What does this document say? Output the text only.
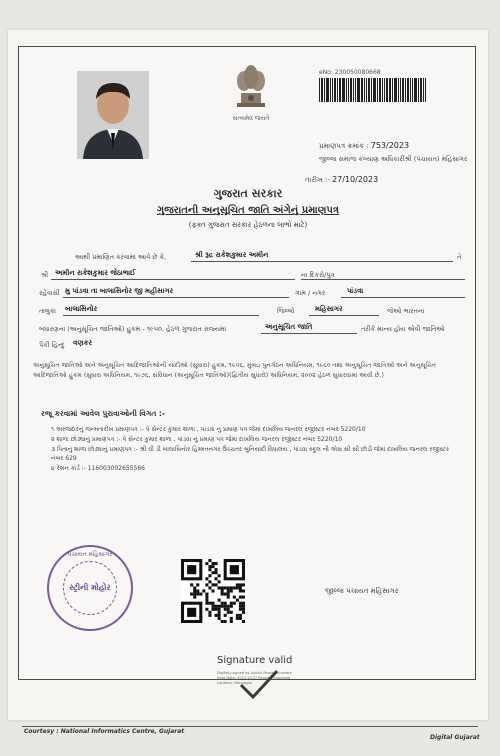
સત્યમેવ જયતે
eNo: 230050080668
પ્રમાણપત્ર ક્રમાંક : 753/2023
જીલ્લા સમાજ કલ્યાણ અધિકારીશ્રી (પંચાયત) મહિસાગર
તારીખ :- 27/10/2023
ગુજરાત સરકાર
ગુજરાતની અનુસૂચિત જાતિ અંગેનું પ્રમાણપત્ર
(ફક્ત ગુજરાત સરકાર હેઠળના લાભો માટે)
આથી પ્રમાણિત કરવામાં આવે છે કે,	શ્રી રૂદ્ર રાકેશકુમાર અમીન	તે
શ્રી અમીન રાકેશકુમાર જેઠાભાઈ	ના દિકરો/પુત્ર
રહેવાસી મુ પાંડવા તા બાલાસિનોર જી મહીસાગર	ગામ / નગર	પાંડવા
તાલુકા બાલાસિનોર	જિલ્લો	મહિસાગર	જેઓ ભારતના
બંધારણના (અનુસૂચિત જાતિઓ) હુકમ - ૧૯૫૦, હેઠળ ગુજરાત રાજ્યમાં	અનુસૂચિત જાતિ	તરીકે માન્ય હોય એવી જાતિઓ
પૈકી હિન્દુ વણકર
અનુસૂચિત જાતિઓ અને અનુસૂચિત આદિજાતિઓની યાદીઓ (સુધારા) હુકમ, ૧૯૫૬, મુંબઇ પુનર્ગઠન અધિનિયમ, ૧૯૬૦ તથા અનુસૂચિત જાતિઓ અને અનુસૂચિત આદિજાતિઓ હુકમ (સુધારા અધિનિયમ, ૧૯૭૬, સંવિધાન (અનુસૂચિત જાતિઓ)(દ્વિતીય સુધારો) અધિનિયમ, ૨૦૦૨ હેઠળ સુધારવામાં આવી છે.)
રજૂ કરવામાં આવેલ પુરાવાઓની વિગત :-
૧ અરજદારનું જન્મતારીખ પ્રમાણપત્ર :- પે સેન્ટર કુમાર શાળા , પાંડવા નું પ્રમાણ પત્ર જેમાં દાખલિય જનરલ રજીસ્ટર નંબર 5220/10
૨ શાળા છોડ્યાનું પ્રમાણપત્ર :- પે સેન્ટર કુમાર શાળા , પાંડવા નું પ્રમાણ પત્ર જેમાં દાખલિય જનરલ રજીસ્ટર નંબર 5220/10
૩ પિતાનું શાળા છોડ્યાનું પ્રમાણપત્ર :- શ્રી વી ડી બાલાસિનોર હિમ્મતનગર ઉચ્ચતર બુનિયાદી વિધાલય , પાંડવા સ્કૂલ ની એસ સી સી છોડી જેમાં દાખલિય જનરલ રજીસ્ટર નંબર 629
૪ રેશન કાર્ડ :- 116003002655566
પંચાયત મહિસાગર
સ્ટ્રીની મોહોર	જીલ્લા પંચાયત મહિસાગર
Signature valid
Digitally signed by Ashish Rameshchandra Vyas Date: 2023.10.27 Reason: Approved Location: Mahisagar
Courtesy : National Informatics Centre, Gujarat
Digital Gujarat
